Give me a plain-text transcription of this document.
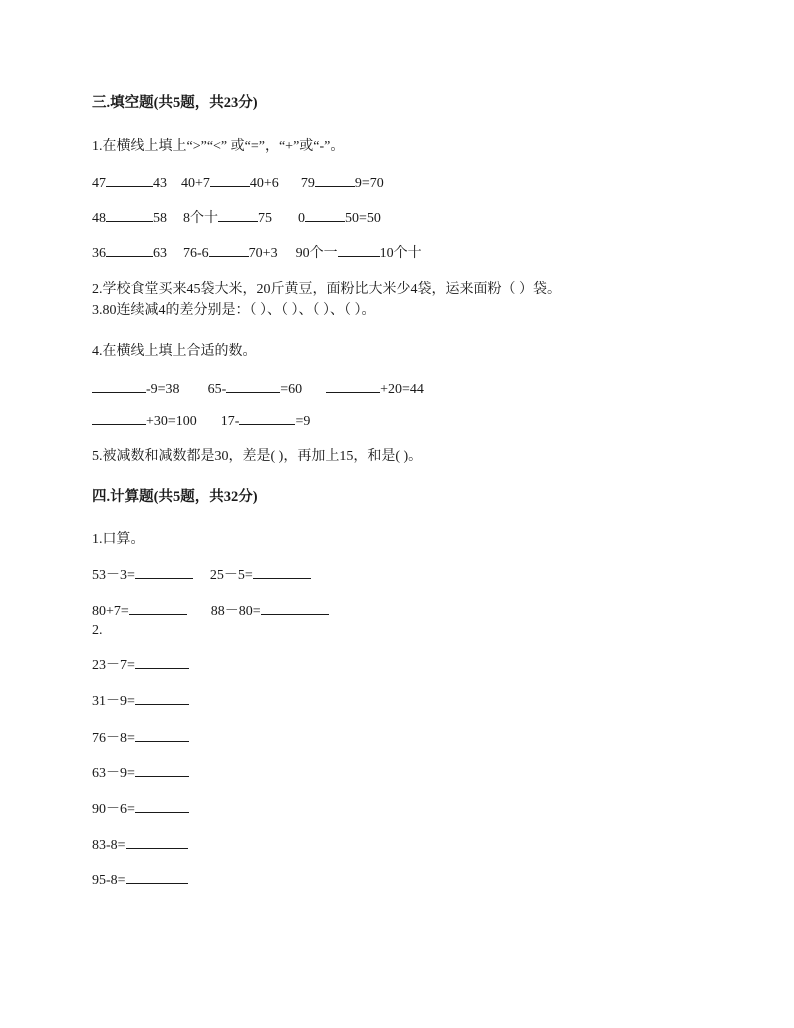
三.填空题(共5题，共23分)
1.在横线上填上“>”“<” 或“=”，“+”或“-”。
47	43 40+7	40+6 79	9=70
48	58 8个十	75 0	50=50
36	63 76-6	70+3 90个一	10个十
2.学校食堂买来45袋大米，20斤黄豆，面粉比大米少4袋，运来面粉（ ）袋。
3.80连续减4的差分别是：（ ）、（ ）、（ ）、（ ）。
4.在横线上填上合适的数。
-9=38 65-	=60	+20=44
+30=100 17-	=9
5.被减数和减数都是30，差是( )，再加上15，和是( )。
四.计算题(共5题，共32分)
1.口算。
53－3=	25－5=
80+7=	88－80=
2.
23－7=
31－9=
76－8=
63－9=
90－6=
83-8=
95-8=
